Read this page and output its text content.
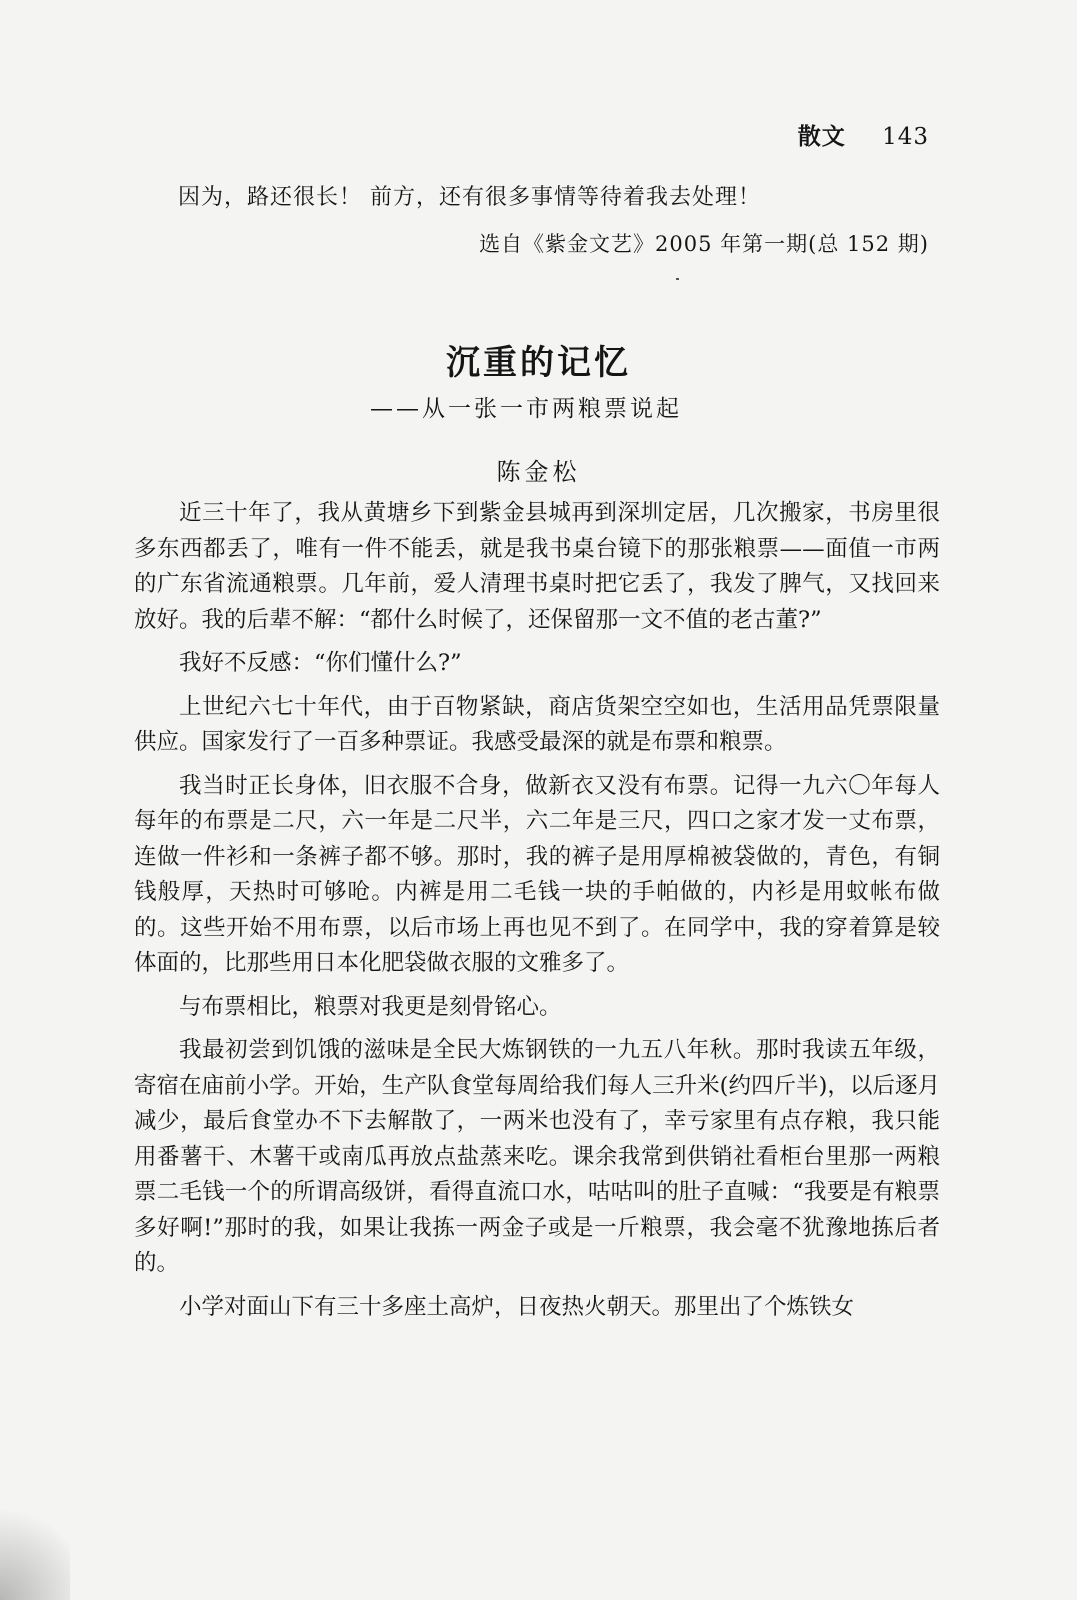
散文 143
因为，路还很长！ 前方，还有很多事情等待着我去处理！
选自《紫金文艺》2005 年第一期(总 152 期)
沉重的记忆
——从一张一市两粮票说起
陈金松

近三十年了，我从黄塘乡下到紫金县城再到深圳定居，几次搬家，书房里很多东西都丢了，唯有一件不能丢，就是我书桌台镜下的那张粮票——面值一市两的广东省流通粮票。几年前，爱人清理书桌时把它丢了，我发了脾气，又找回来放好。我的后辈不解：“都什么时候了，还保留那一文不值的老古董?”

我好不反感：“你们懂什么?”

上世纪六七十年代，由于百物紧缺，商店货架空空如也，生活用品凭票限量供应。国家发行了一百多种票证。我感受最深的就是布票和粮票。

我当时正长身体，旧衣服不合身，做新衣又没有布票。记得一九六〇年每人每年的布票是二尺，六一年是二尺半，六二年是三尺，四口之家才发一丈布票，连做一件衫和一条裤子都不够。那时，我的裤子是用厚棉被袋做的，青色，有铜钱般厚，天热时可够呛。内裤是用二毛钱一块的手帕做的，内衫是用蚊帐布做的。这些开始不用布票，以后市场上再也见不到了。在同学中，我的穿着算是较体面的，比那些用日本化肥袋做衣服的文雅多了。

与布票相比，粮票对我更是刻骨铭心。

我最初尝到饥饿的滋味是全民大炼钢铁的一九五八年秋。那时我读五年级，寄宿在庙前小学。开始，生产队食堂每周给我们每人三升米(约四斤半)，以后逐月减少，最后食堂办不下去解散了，一两米也没有了，幸亏家里有点存粮，我只能用番薯干、木薯干或南瓜再放点盐蒸来吃。课余我常到供销社看柜台里那一两粮票二毛钱一个的所谓高级饼，看得直流口水，咕咕叫的肚子直喊：“我要是有粮票多好啊!”那时的我，如果让我拣一两金子或是一斤粮票，我会毫不犹豫地拣后者的。

小学对面山下有三十多座土高炉，日夜热火朝天。那里出了个炼铁女
